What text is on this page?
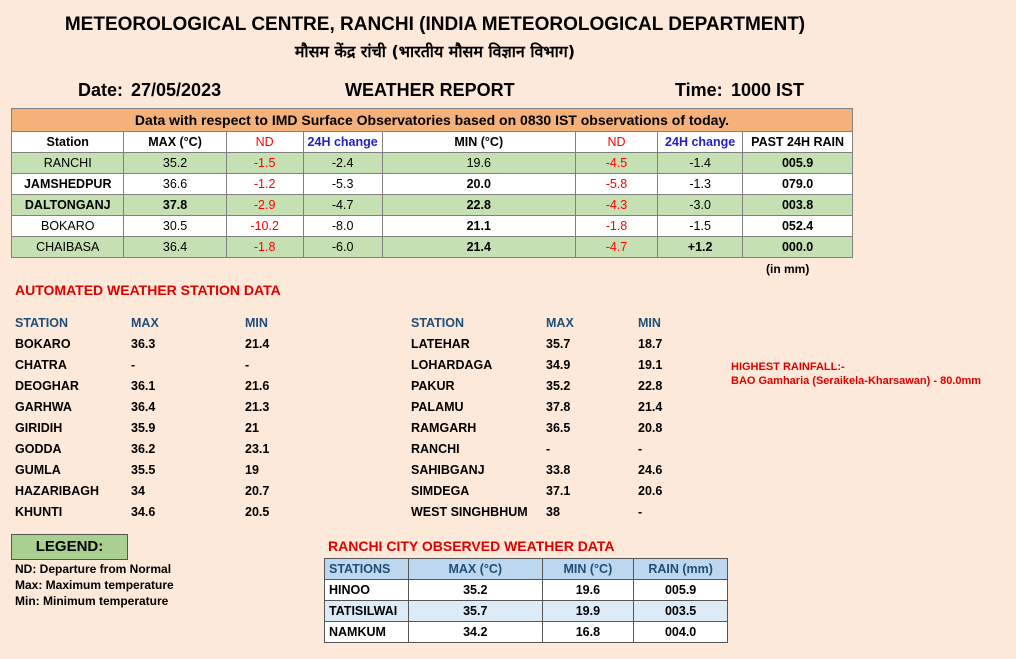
METEOROLOGICAL CENTRE, RANCHI (INDIA METEOROLOGICAL DEPARTMENT)
मौसम केंद्र रांची (भारतीय मौसम विज्ञान विभाग)
Date: 27/05/2023	WEATHER REPORT	Time: 1000 IST
Data with respect to IMD Surface Observatories based on 0830 IST observations of today.							
Station	MAX (°C)	ND	24H change	MIN (°C)	ND	24H change	PAST 24H RAIN
RANCHI	35.2	-1.5	-2.4	19.6	-4.5	-1.4	005.9
JAMSHEDPUR	36.6	-1.2	-5.3	20.0	-5.8	-1.3	079.0
DALTONGANJ	37.8	-2.9	-4.7	22.8	-4.3	-3.0	003.8
BOKARO	30.5	-10.2	-8.0	21.1	-1.8	-1.5	052.4
CHAIBASA	36.4	-1.8	-6.0	21.4	-4.7	+1.2	000.0
(in mm)
AUTOMATED WEATHER STATION DATA
STATION	MAX	MIN	STATION	MAX	MIN
BOKARO	36.3	21.4
CHATRA	-	-
DEOGHAR	36.1	21.6
GARHWA	36.4	21.3
GIRIDIH	35.9	21
GODDA	36.2	23.1
GUMLA	35.5	19
HAZARIBAGH	34	20.7
KHUNTI	34.6	20.5
LATEHAR	35.7	18.7
LOHARDAGA	34.9	19.1
PAKUR	35.2	22.8
PALAMU	37.8	21.4
RAMGARH	36.5	20.8
RANCHI	-	-
SAHIBGANJ	33.8	24.6
SIMDEGA	37.1	20.6
WEST SINGHBHUM 38	-
HIGHEST RAINFALL:-
BAO Gamharia (Seraikela-Kharsawan) - 80.0mm
LEGEND:
ND: Departure from Normal
Max: Maximum temperature
Min: Minimum temperature
RANCHI CITY OBSERVED WEATHER DATA
STATIONS	MAX (°C)	MIN (°C)	RAIN (mm)
HINOO	35.2	19.6	005.9
TATISILWAI	35.7	19.9	003.5
NAMKUM	34.2	16.8	004.0
